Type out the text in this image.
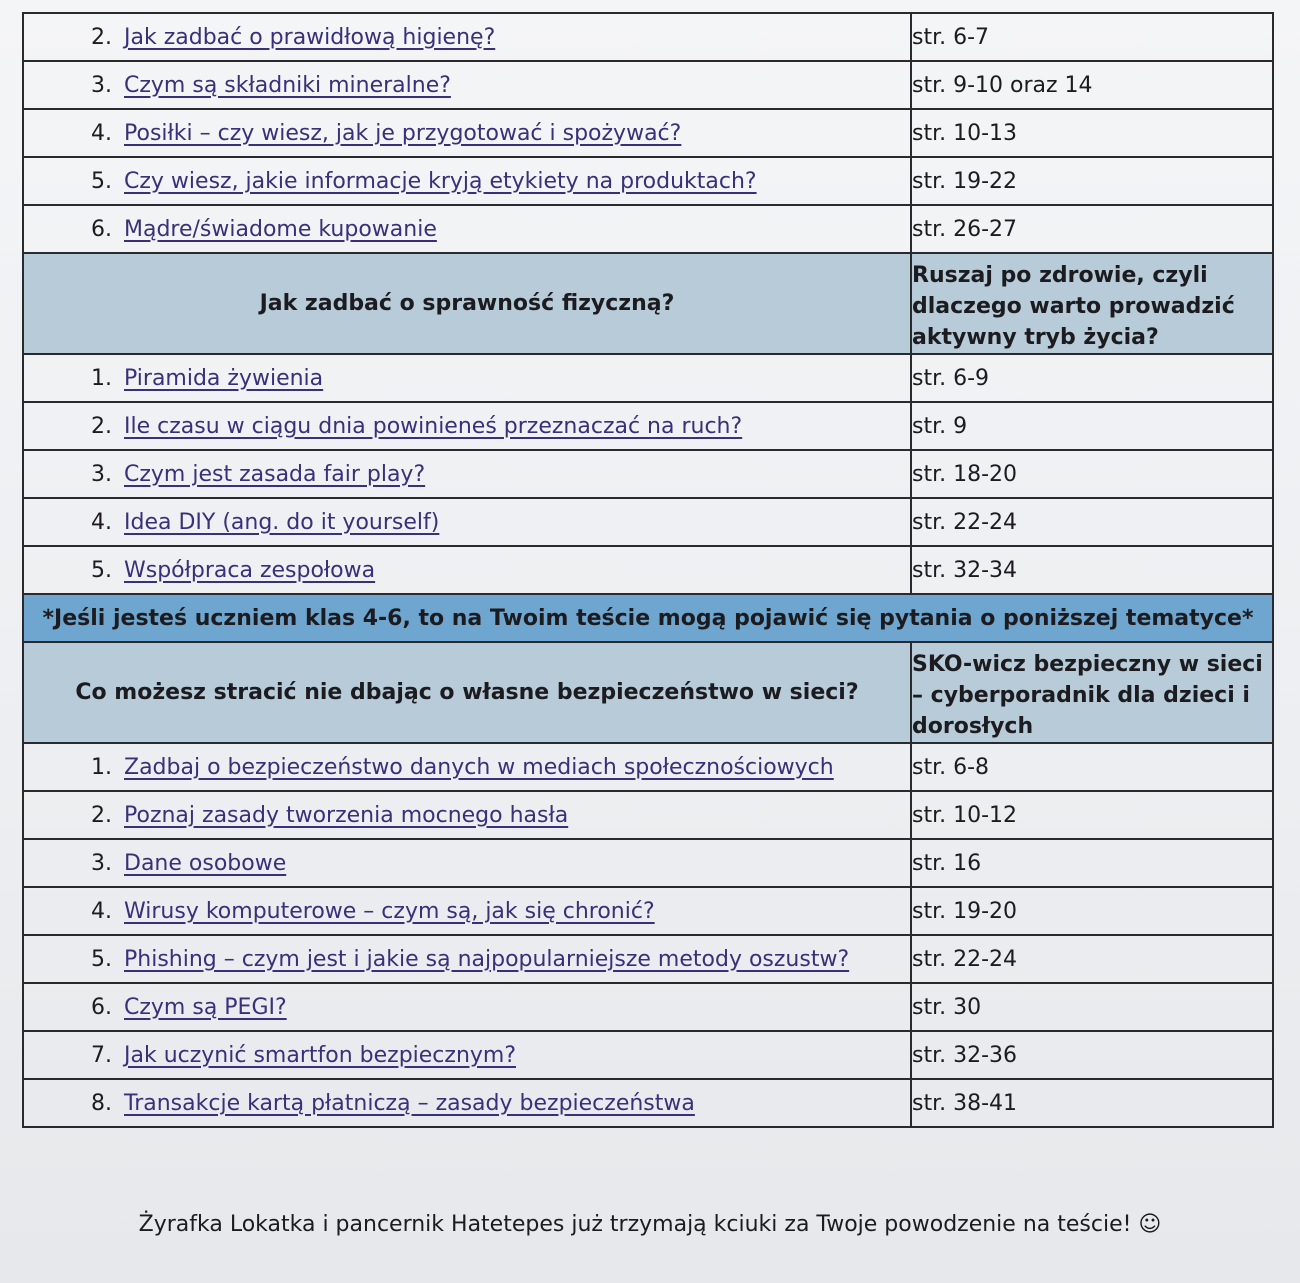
2. Jak zadbać o prawidłową higienę?	str. 6-7
3. Czym są składniki mineralne?	str. 9-10 oraz 14
4. Posiłki – czy wiesz, jak je przygotować i spożywać?	str. 10-13
5. Czy wiesz, jakie informacje kryją etykiety na produktach?	str. 19-22
6. Mądre/świadome kupowanie	str. 26-27
Jak zadbać o sprawność fizyczną?	Ruszaj po zdrowie, czyli dlaczego warto prowadzić aktywny tryb życia?
1. Piramida żywienia	str. 6-9
2. Ile czasu w ciągu dnia powinieneś przeznaczać na ruch?	str. 9
3. Czym jest zasada fair play?	str. 18-20
4. Idea DIY (ang. do it yourself)	str. 22-24
5. Współpraca zespołowa	str. 32-34
*Jeśli jesteś uczniem klas 4-6, to na Twoim teście mogą pojawić się pytania o poniższej tematyce*	
Co możesz stracić nie dbając o własne bezpieczeństwo w sieci?	SKO-wicz bezpieczny w sieci – cyberporadnik dla dzieci i dorosłych
1. Zadbaj o bezpieczeństwo danych w mediach społecznościowych	str. 6-8
2. Poznaj zasady tworzenia mocnego hasła	str. 10-12
3. Dane osobowe	str. 16
4. Wirusy komputerowe – czym są, jak się chronić?	str. 19-20
5. Phishing – czym jest i jakie są najpopularniejsze metody oszustw?	str. 22-24
6. Czym są PEGI?	str. 30
7. Jak uczynić smartfon bezpiecznym?	str. 32-36
8. Transakcje kartą płatniczą – zasady bezpieczeństwa	str. 38-41
Żyrafka Lokatka i pancernik Hatetepes już trzymają kciuki za Twoje powodzenie na teście! ☺
